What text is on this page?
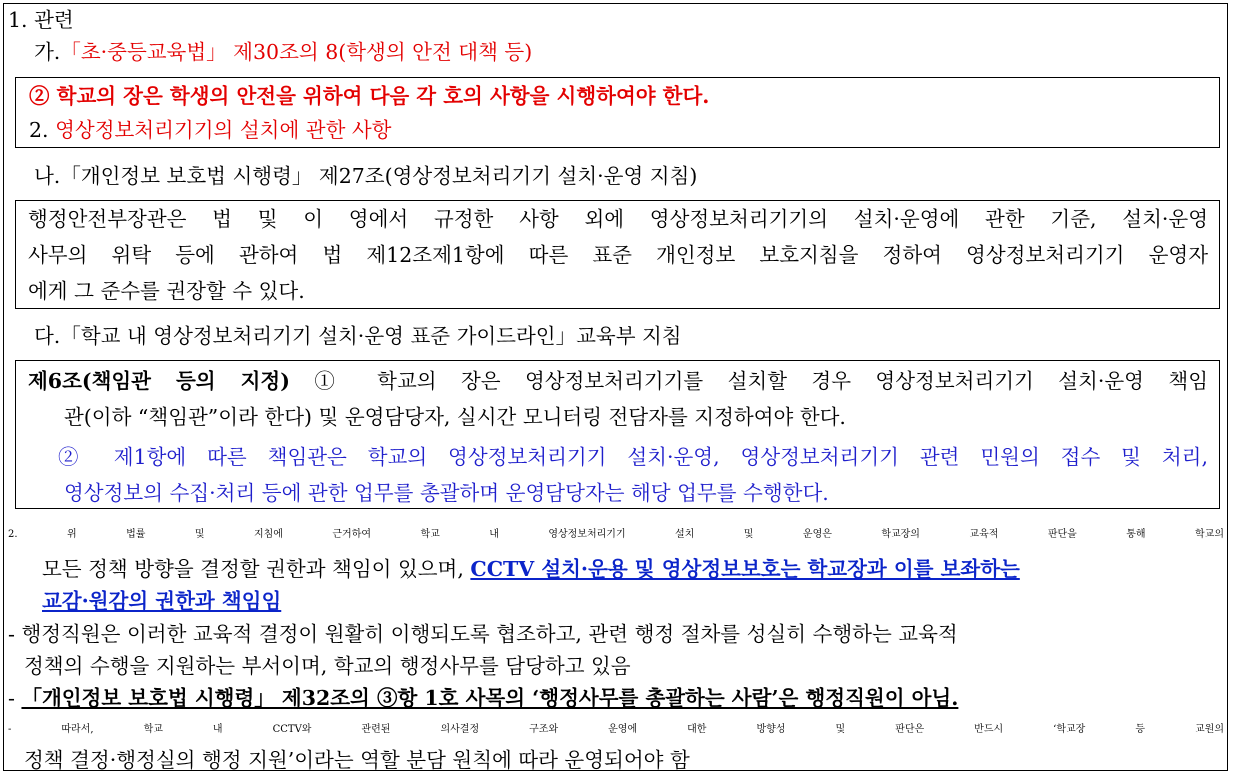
1. 관련
가.「초·중등교육법」 제30조의 8(학생의 안전 대책 등)
② 학교의 장은 학생의 안전을 위하여 다음 각 호의 사항을 시행하여야 한다.
2. 영상정보처리기기의 설치에 관한 사항
나.「개인정보 보호법 시행령」 제27조(영상정보처리기기 설치·운영 지침)
행정안전부장관은 법 및 이 영에서 규정한 사항 외에 영상정보처리기기의 설치·운영에 관한 기준, 설치·운영
사무의 위탁 등에 관하여 법 제12조제1항에 따른 표준 개인정보 보호지침을 정하여 영상정보처리기기 운영자
에게 그 준수를 권장할 수 있다.
다.「학교 내 영상정보처리기기 설치·운영 표준 가이드라인」교육부 지침
제6조(책임관 등의 지정) ① 학교의 장은 영상정보처리기기를 설치할 경우 영상정보처리기기 설치·운영 책임
관(이하 “책임관”이라 한다) 및 운영담당자, 실시간 모니터링 전담자를 지정하여야 한다.
② 제1항에 따른 책임관은 학교의 영상정보처리기기 설치·운영, 영상정보처리기기 관련 민원의 접수 및 처리,
영상정보의 수집·처리 등에 관한 업무를 총괄하며 운영담당자는 해당 업무를 수행한다.
2. 위 법률 및 지침에 근거하여 학교 내 영상정보처리기기 설치 및 운영은 학교장의 교육적 판단을 통해 학교의
모든 정책 방향을 결정할 권한과 책임이 있으며, CCTV 설치·운용 및 영상정보보호는 학교장과 이를 보좌하는
교감·원감의 권한과 책임임
- 행정직원은 이러한 교육적 결정이 원활히 이행되도록 협조하고, 관련 행정 절차를 성실히 수행하는 교육적
정책의 수행을 지원하는 부서이며, 학교의 행정사무를 담당하고 있음
- 「개인정보 보호법 시행령」 제32조의 ③항 1호 사목의 ‘행정사무를 총괄하는 사람’은 행정직원이 아님.
- 따라서, 학교 내 CCTV와 관련된 의사결정 구조와 운영에 대한 방향성 및 판단은 반드시 ‘학교장 등 교원의
정책 결정·행정실의 행정 지원’이라는 역할 분담 원칙에 따라 운영되어야 함
